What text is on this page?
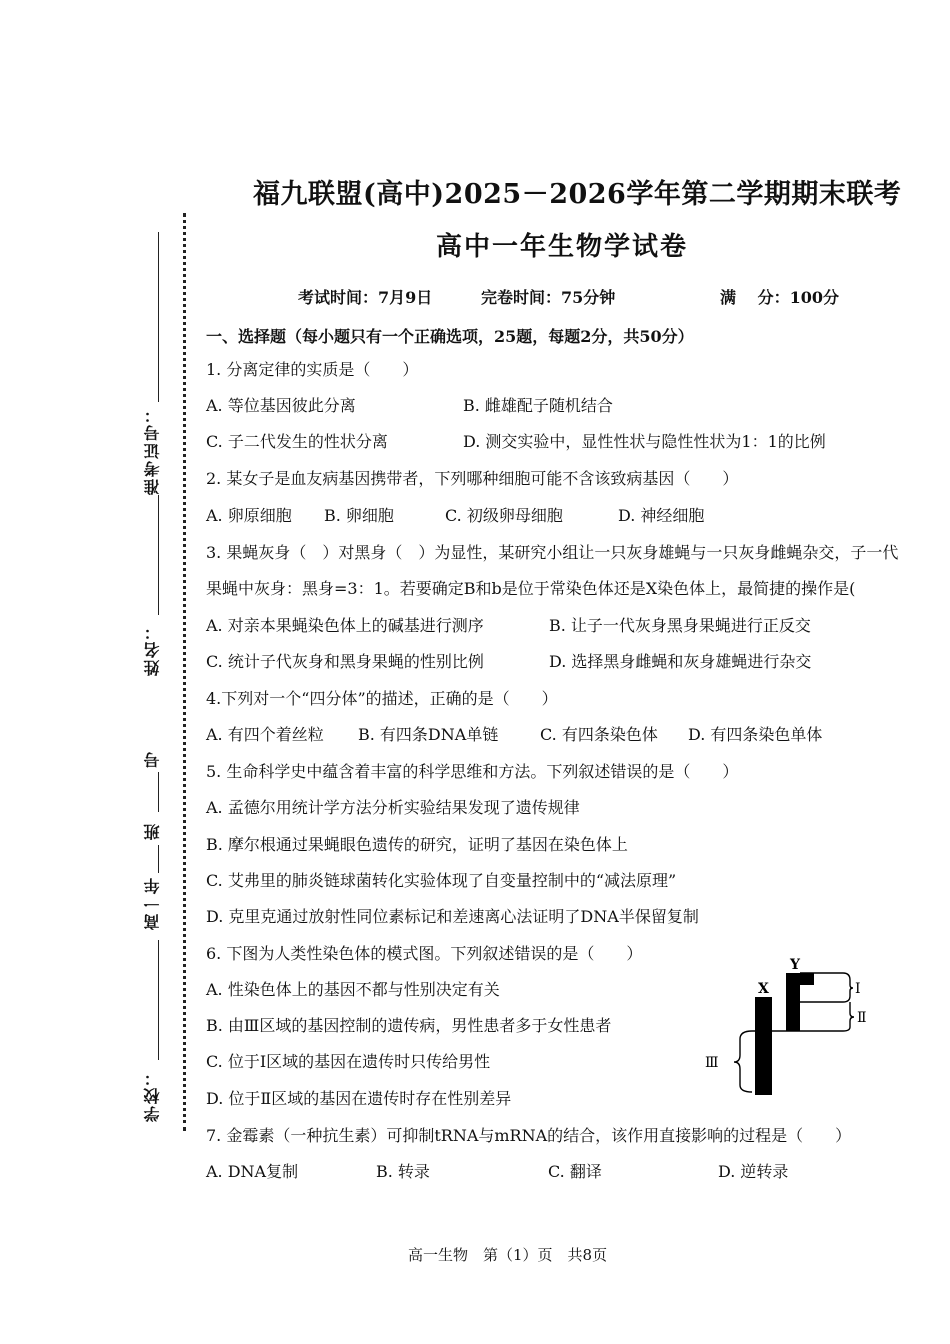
准考证号：
姓名：
号
班
高一年
学校：
福九联盟(高中)2025－2026学年第二学期期末联考
高中一年生物学试卷
考试时间：7月9日	完卷时间：75分钟	满　 分：100分
一、选择题（每小题只有一个正确选项，25题，每题2分，共50分）
1. 分离定律的实质是（　　）
A. 等位基因彼此分离	B. 雌雄配子随机结合
C. 子二代发生的性状分离	D. 测交实验中，显性性状与隐性性状为1：1的比例
2. 某女子是血友病基因携带者，下列哪种细胞可能不含该致病基因（　　）
A. 卵原细胞 B. 卵细胞	C. 初级卵母细胞	D. 神经细胞
3. 果蝇灰身（　）对黑身（　）为显性，某研究小组让一只灰身雄蝇与一只灰身雌蝇杂交，子一代
果蝇中灰身：黑身=3：1。若要确定B和b是位于常染色体还是X染色体上，最简捷的操作是(
A. 对亲本果蝇染色体上的碱基进行测序	B. 让子一代灰身黑身果蝇进行正反交
C. 统计子代灰身和黑身果蝇的性别比例	D. 选择黑身雌蝇和灰身雄蝇进行杂交
4.下列对一个“四分体”的描述，正确的是（　　）
A. 有四个着丝粒 B. 有四条DNA单链	C. 有四条染色体 D. 有四条染色单体
5. 生命科学史中蕴含着丰富的科学思维和方法。下列叙述错误的是（　　）
A. 孟德尔用统计学方法分析实验结果发现了遗传规律
B. 摩尔根通过果蝇眼色遗传的研究，证明了基因在染色体上
C. 艾弗里的肺炎链球菌转化实验体现了自变量控制中的“减法原理”
D. 克里克通过放射性同位素标记和差速离心法证明了DNA半保留复制
6. 下图为人类性染色体的模式图。下列叙述错误的是（　　）
A. 性染色体上的基因不都与性别决定有关
B. 由Ⅲ区域的基因控制的遗传病，男性患者多于女性患者
C. 位于Ⅰ区域的基因在遗传时只传给男性
D. 位于Ⅱ区域的基因在遗传时存在性别差异
X
Y
Ⅰ
Ⅱ
Ⅲ
7. 金霉素（一种抗生素）可抑制tRNA与mRNA的结合，该作用直接影响的过程是（　　）
A. DNA复制	B. 转录	C. 翻译	D. 逆转录
高一生物　第（1）页　共8页
